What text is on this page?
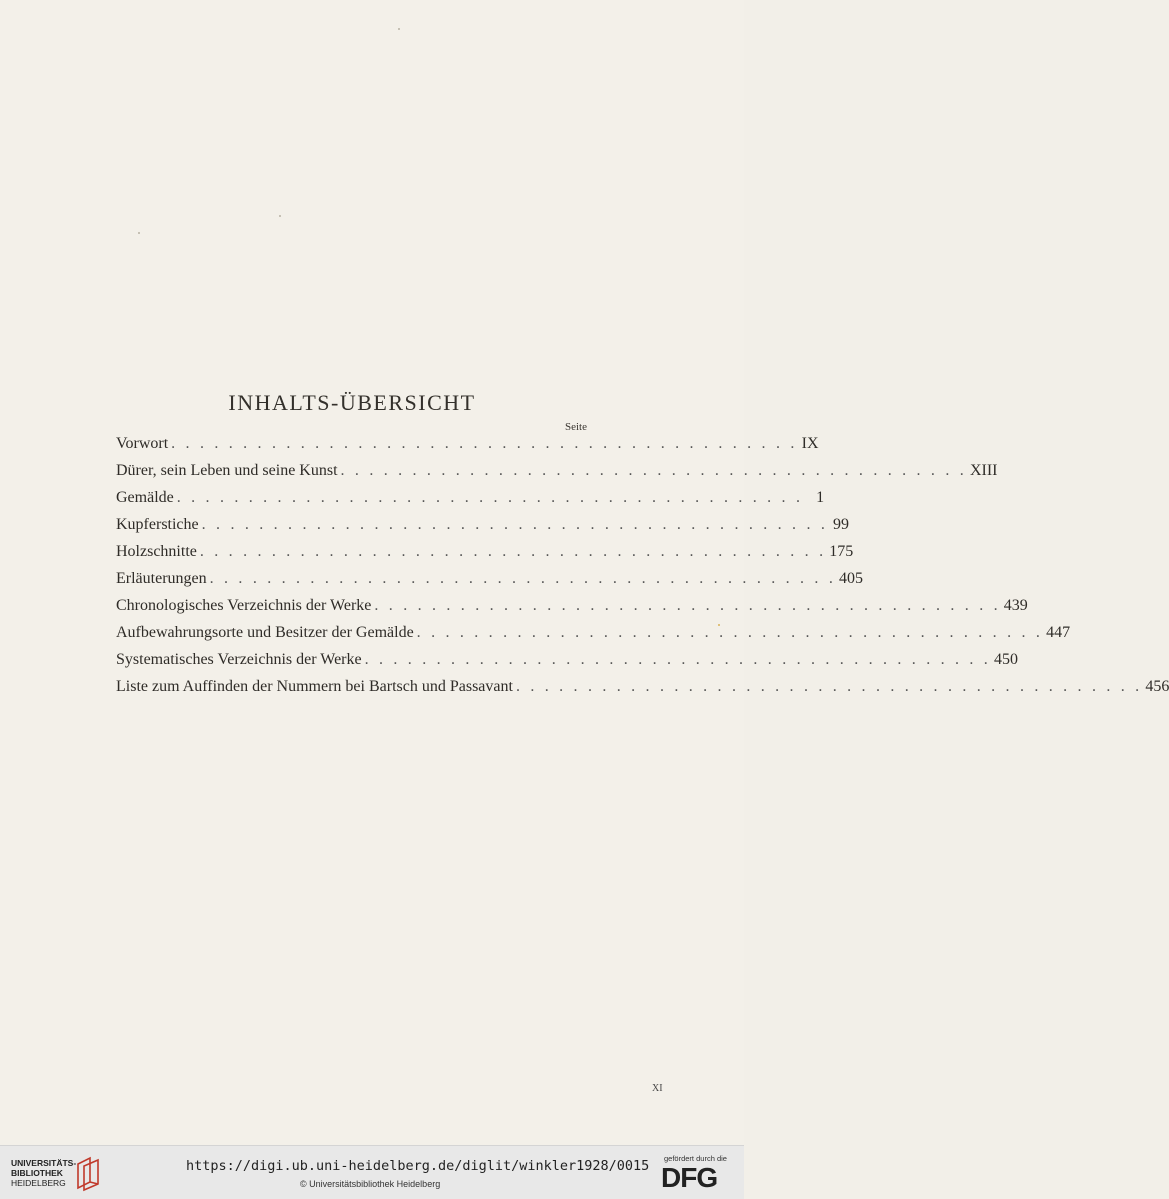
INHALTS-ÜBERSICHT
Seite
Vorwort . . . . . . . . . . . . . . . . . . . . . . . . . . . . . . . . . . . . . . . . . . . . IX
Dürer, sein Leben und seine Kunst . . . . . . . . . . . . . . . . . . . . . . . . . . . . . . . . . . . . . . . . . . . . XIII
Gemälde . . . . . . . . . . . . . . . . . . . . . . . . . . . . . . . . . . . . . . . . . . . . 1
Kupferstiche . . . . . . . . . . . . . . . . . . . . . . . . . . . . . . . . . . . . . . . . . . . . 99
Holzschnitte . . . . . . . . . . . . . . . . . . . . . . . . . . . . . . . . . . . . . . . . . . . . 175
Erläuterungen . . . . . . . . . . . . . . . . . . . . . . . . . . . . . . . . . . . . . . . . . . . . 405
Chronologisches Verzeichnis der Werke . . . . . . . . . . . . . . . . . . . . . . . . . . . . . . . . . . . . . . . . . . . . 439
Aufbewahrungsorte und Besitzer der Gemälde . . . . . . . . . . . . . . . . . . . . . . . . . . . . . . . . . . . . . . . . . . . . 447
Systematisches Verzeichnis der Werke . . . . . . . . . . . . . . . . . . . . . . . . . . . . . . . . . . . . . . . . . . . . 450
Liste zum Auffinden der Nummern bei Bartsch und Passavant . . . . . . . . . . . . . . . . . . . . . . . . . . . . . . . . . . . . . . . . . . . . 456
XI
UNIVERSITÄTS-
BIBLIOTHEK
HEIDELBERG
https://digi.ub.uni-heidelberg.de/diglit/winkler1928/0015
© Universitätsbibliothek Heidelberg
gefördert durch die
DFG
